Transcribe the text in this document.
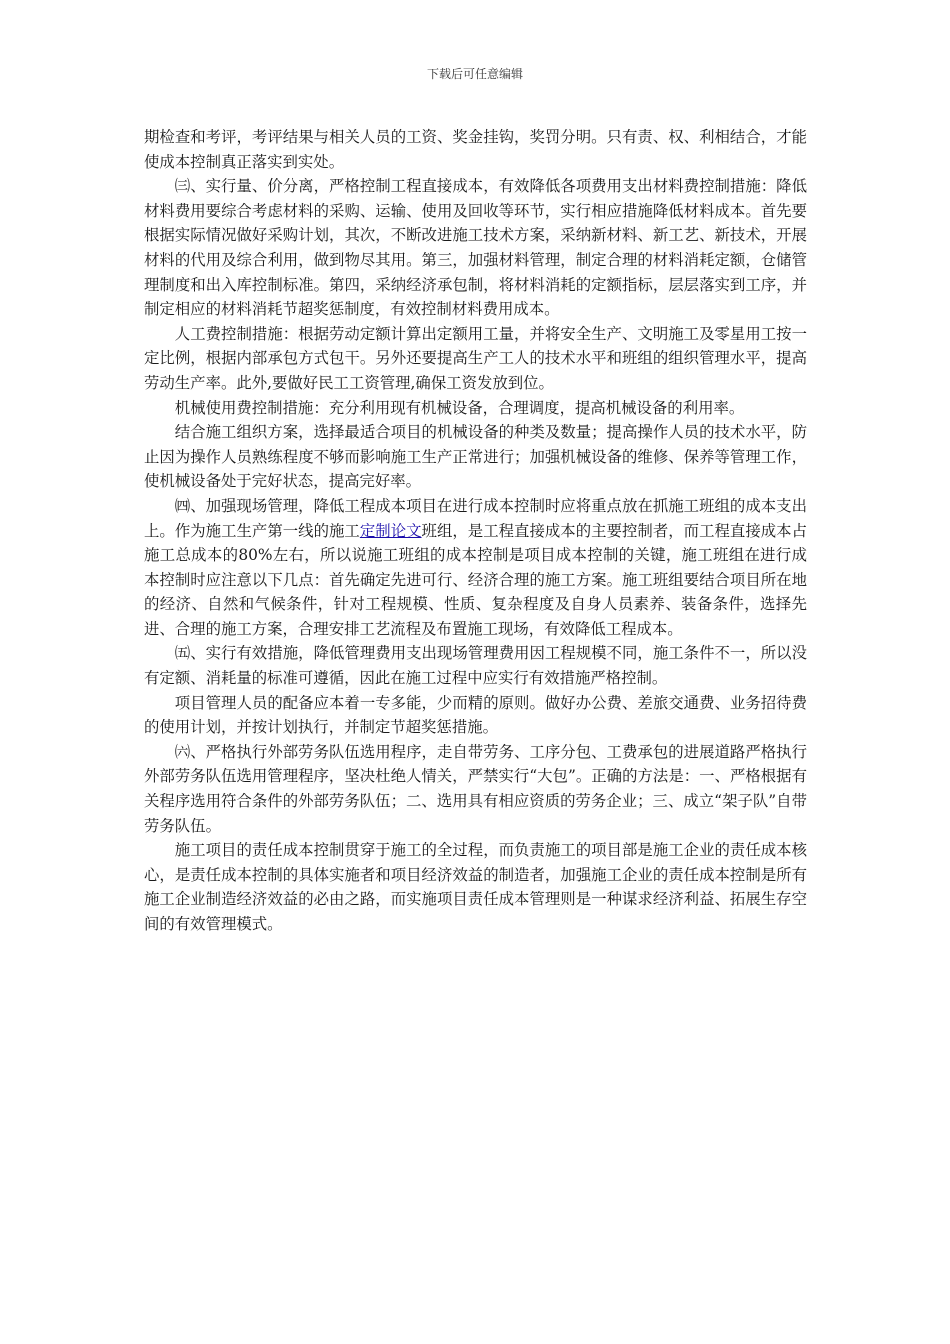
下载后可任意编辑

期检查和考评，考评结果与相关人员的工资、奖金挂钩，奖罚分明。只有责、权、利相结合，才能使成本控制真正落实到实处。

㈢、实行量、价分离，严格控制工程直接成本，有效降低各项费用支出材料费控制措施：降低材料费用要综合考虑材料的采购、运输、使用及回收等环节，实行相应措施降低材料成本。首先要根据实际情况做好采购计划，其次，不断改进施工技术方案，采纳新材料、新工艺、新技术，开展材料的代用及综合利用，做到物尽其用。第三，加强材料管理，制定合理的材料消耗定额，仓储管理制度和出入库控制标准。第四，采纳经济承包制，将材料消耗的定额指标，层层落实到工序，并制定相应的材料消耗节超奖惩制度，有效控制材料费用成本。

人工费控制措施：根据劳动定额计算出定额用工量，并将安全生产、文明施工及零星用工按一定比例，根据内部承包方式包干。另外还要提高生产工人的技术水平和班组的组织管理水平，提高劳动生产率。此外,要做好民工工资管理,确保工资发放到位。

机械使用费控制措施：充分利用现有机械设备，合理调度，提高机械设备的利用率。

结合施工组织方案，选择最适合项目的机械设备的种类及数量；提高操作人员的技术水平，防止因为操作人员熟练程度不够而影响施工生产正常进行；加强机械设备的维修、保养等管理工作，使机械设备处于完好状态，提高完好率。

㈣、加强现场管理，降低工程成本项目在进行成本控制时应将重点放在抓施工班组的成本支出上。作为施工生产第一线的施工定制论文班组，是工程直接成本的主要控制者，而工程直接成本占施工总成本的80%左右，所以说施工班组的成本控制是项目成本控制的关键，施工班组在进行成本控制时应注意以下几点：首先确定先进可行、经济合理的施工方案。施工班组要结合项目所在地的经济、自然和气候条件，针对工程规模、性质、复杂程度及自身人员素养、装备条件，选择先进、合理的施工方案，合理安排工艺流程及布置施工现场，有效降低工程成本。

㈤、实行有效措施，降低管理费用支出现场管理费用因工程规模不同，施工条件不一，所以没有定额、消耗量的标准可遵循，因此在施工过程中应实行有效措施严格控制。

项目管理人员的配备应本着一专多能，少而精的原则。做好办公费、差旅交通费、业务招待费的使用计划，并按计划执行，并制定节超奖惩措施。

㈥、严格执行外部劳务队伍选用程序，走自带劳务、工序分包、工费承包的进展道路严格执行外部劳务队伍选用管理程序，坚决杜绝人情关，严禁实行“大包”。正确的方法是：一、严格根据有关程序选用符合条件的外部劳务队伍；二、选用具有相应资质的劳务企业；三、成立“架子队”自带劳务队伍。

施工项目的责任成本控制贯穿于施工的全过程，而负责施工的项目部是施工企业的责任成本核心，是责任成本控制的具体实施者和项目经济效益的制造者，加强施工企业的责任成本控制是所有施工企业制造经济效益的必由之路，而实施项目责任成本管理则是一种谋求经济利益、拓展生存空间的有效管理模式。
